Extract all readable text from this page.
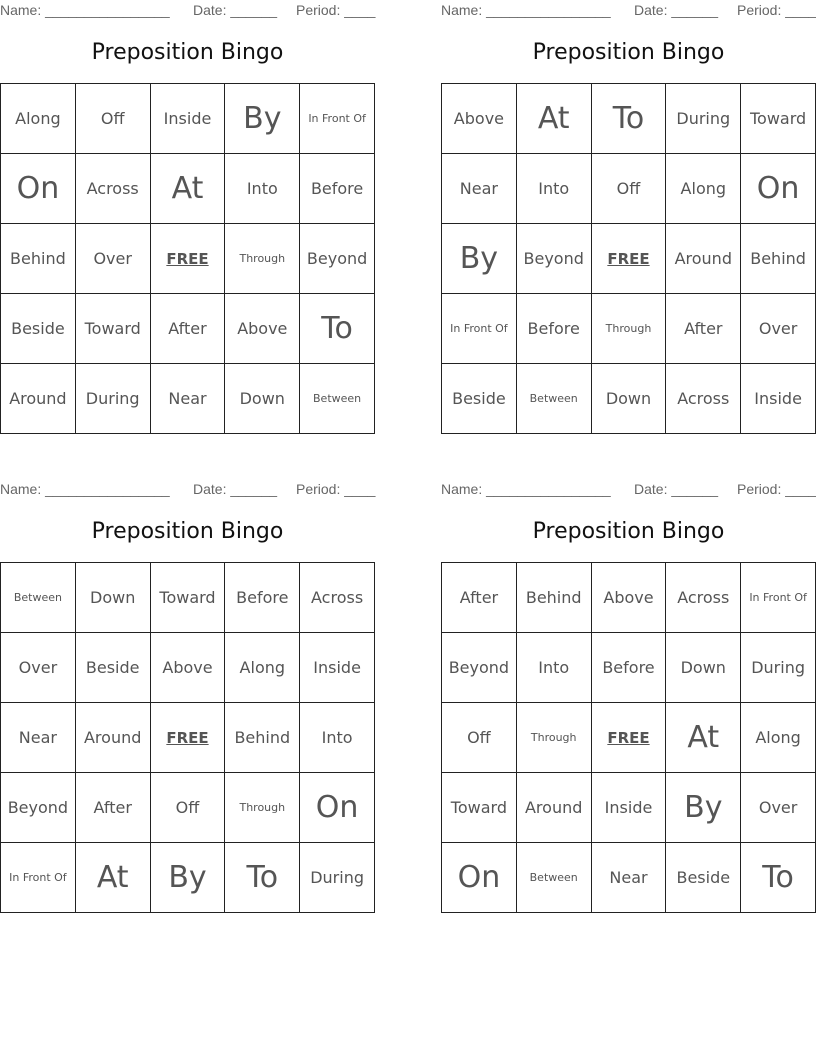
Name: ________________ Date: ______ Period: ____
Preposition Bingo
Along	Off	Inside	By	In Front Of
On	Across	At	Into	Before
Behind	Over	FREE	Through	Beyond
Beside	Toward	After	Above	To
Around	During	Near	Down	Between
Name: ________________ Date: ______ Period: ____
Preposition Bingo
Above	At	To	During	Toward
Near	Into	Off	Along	On
By	Beyond	FREE	Around	Behind
In Front Of	Before	Through	After	Over
Beside	Between	Down	Across	Inside
Name: ________________ Date: ______ Period: ____
Preposition Bingo
Between	Down	Toward	Before	Across
Over	Beside	Above	Along	Inside
Near	Around	FREE	Behind	Into
Beyond	After	Off	Through	On
In Front Of	At	By	To	During
Name: ________________ Date: ______ Period: ____
Preposition Bingo
After	Behind	Above	Across	In Front Of
Beyond	Into	Before	Down	During
Off	Through	FREE	At	Along
Toward	Around	Inside	By	Over
On	Between	Near	Beside	To
